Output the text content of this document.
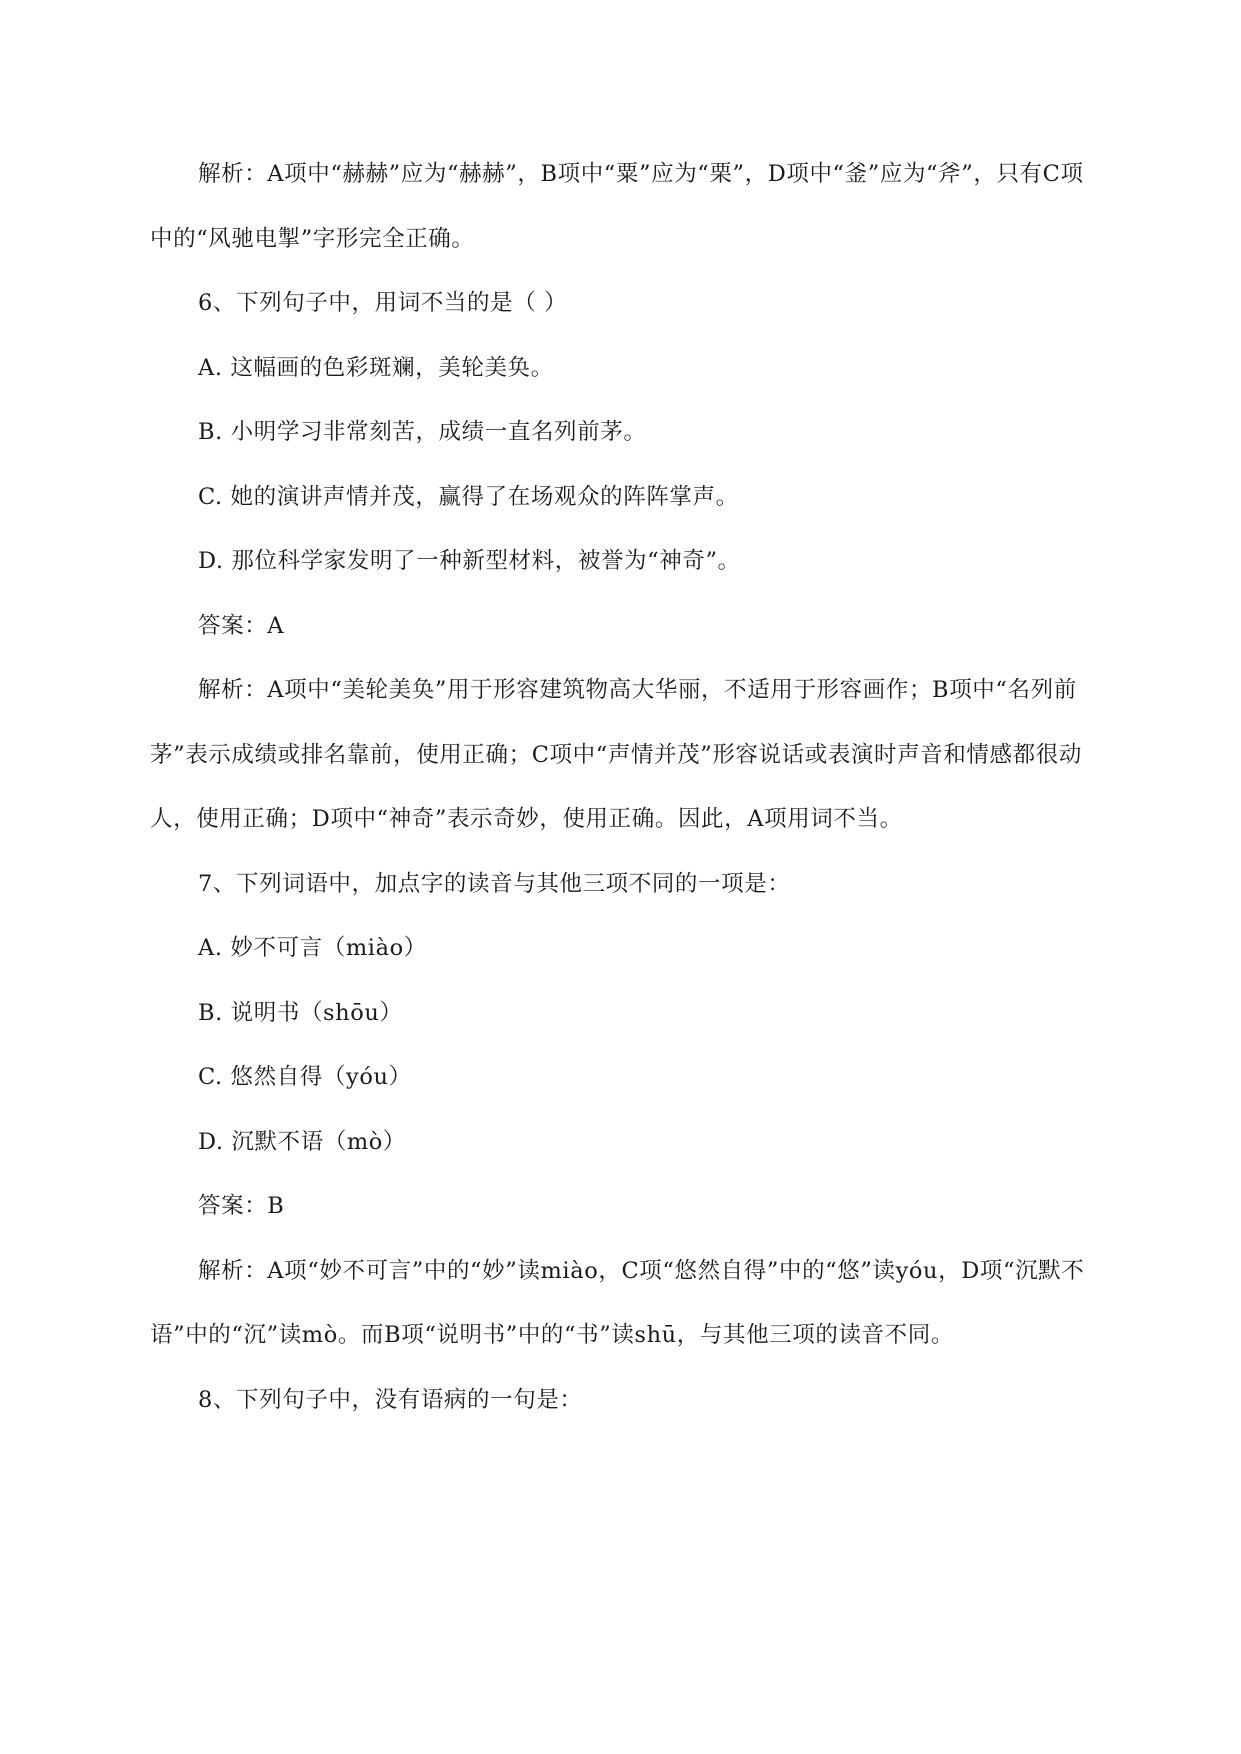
解析：A项中“赫赫”应为“赫赫”，B项中“粟”应为“栗”，D项中“釜”应为“斧”，只有C项中的“风驰电掣”字形完全正确。

6、下列句子中，用词不当的是（ ）

A. 这幅画的色彩斑斓，美轮美奂。

B. 小明学习非常刻苦，成绩一直名列前茅。

C. 她的演讲声情并茂，赢得了在场观众的阵阵掌声。

D. 那位科学家发明了一种新型材料，被誉为“神奇”。

答案：A

解析：A项中“美轮美奂”用于形容建筑物高大华丽，不适用于形容画作；B项中“名列前茅”表示成绩或排名靠前，使用正确；C项中“声情并茂”形容说话或表演时声音和情感都很动人，使用正确；D项中“神奇”表示奇妙，使用正确。因此，A项用词不当。

7、下列词语中，加点字的读音与其他三项不同的一项是：

A. 妙不可言（miào）

B. 说明书（shōu）

C. 悠然自得（yóu）

D. 沉默不语（mò）

答案：B

解析：A项“妙不可言”中的“妙”读miào，C项“悠然自得”中的“悠”读yóu，D项“沉默不语”中的“沉”读mò。而B项“说明书”中的“书”读shū，与其他三项的读音不同。

8、下列句子中，没有语病的一句是：
